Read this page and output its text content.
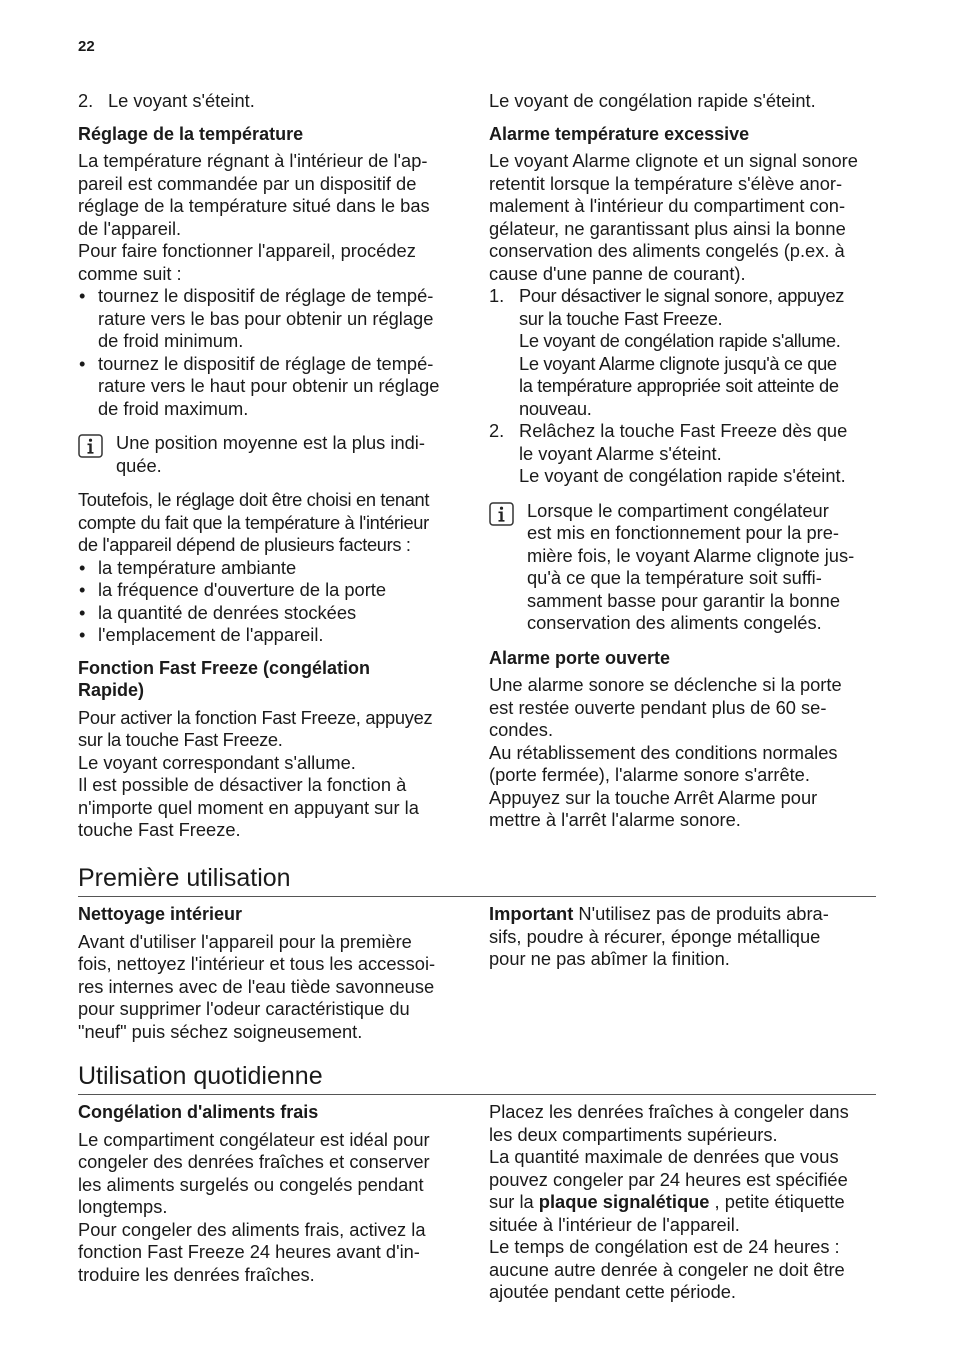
22
2. Le voyant s'éteint.

Réglage de la température

La température régnant à l'intérieur de l'ap-
pareil est commandée par un dispositif de
réglage de la température situé dans le bas
de l'appareil.

Pour faire fonctionner l'appareil, procédez
comme suit :

• tournez le dispositif de réglage de tempé-
rature vers le bas pour obtenir un réglage
de froid minimum.
• tournez le dispositif de réglage de tempé-
rature vers le haut pour obtenir un réglage
de froid maximum.

Une position moyenne est la plus indi-
quée.

Toutefois, le réglage doit être choisi en tenant
compte du fait que la température à l'intérieur
de l'appareil dépend de plusieurs facteurs :

• la température ambiante
• la fréquence d'ouverture de la porte
• la quantité de denrées stockées
• l'emplacement de l'appareil.

Fonction Fast Freeze (congélation
Rapide)

Pour activer la fonction Fast Freeze, appuyez
sur la touche Fast Freeze.

Le voyant correspondant s'allume.

Il est possible de désactiver la fonction à
n'importe quel moment en appuyant sur la
touche Fast Freeze.

Le voyant de congélation rapide s'éteint.

Alarme température excessive

Le voyant Alarme clignote et un signal sonore
retentit lorsque la température s'élève anor-
malement à l'intérieur du compartiment con-
gélateur, ne garantissant plus ainsi la bonne
conservation des aliments congelés (p.ex. à
cause d'une panne de courant).

1. Pour désactiver le signal sonore, appuyez
sur la touche Fast Freeze.
Le voyant de congélation rapide s'allume.
Le voyant Alarme clignote jusqu'à ce que
la température appropriée soit atteinte de
nouveau.
2. Relâchez la touche Fast Freeze dès que
le voyant Alarme s'éteint.
Le voyant de congélation rapide s'éteint.

Lorsque le compartiment congélateur
est mis en fonctionnement pour la pre-
mière fois, le voyant Alarme clignote jus-
qu'à ce que la température soit suffi-
samment basse pour garantir la bonne
conservation des aliments congelés.

Alarme porte ouverte

Une alarme sonore se déclenche si la porte
est restée ouverte pendant plus de 60 se-
condes.

Au rétablissement des conditions normales
(porte fermée), l'alarme sonore s'arrête.

Appuyez sur la touche Arrêt Alarme pour
mettre à l'arrêt l'alarme sonore.

Première utilisation

Nettoyage intérieur

Avant d'utiliser l'appareil pour la première
fois, nettoyez l'intérieur et tous les accessoi-
res internes avec de l'eau tiède savonneuse
pour supprimer l'odeur caractéristique du
"neuf" puis séchez soigneusement.

Important N'utilisez pas de produits abra-
sifs, poudre à récurer, éponge métallique
pour ne pas abîmer la finition.

Utilisation quotidienne

Congélation d'aliments frais

Le compartiment congélateur est idéal pour
congeler des denrées fraîches et conserver
les aliments surgelés ou congelés pendant
longtemps.

Pour congeler des aliments frais, activez la
fonction Fast Freeze 24 heures avant d'in-
troduire les denrées fraîches.

Placez les denrées fraîches à congeler dans
les deux compartiments supérieurs.

La quantité maximale de denrées que vous
pouvez congeler par 24 heures est spécifiée
sur la plaque signalétique , petite étiquette
située à l'intérieur de l'appareil.

Le temps de congélation est de 24 heures :
aucune autre denrée à congeler ne doit être
ajoutée pendant cette période.
